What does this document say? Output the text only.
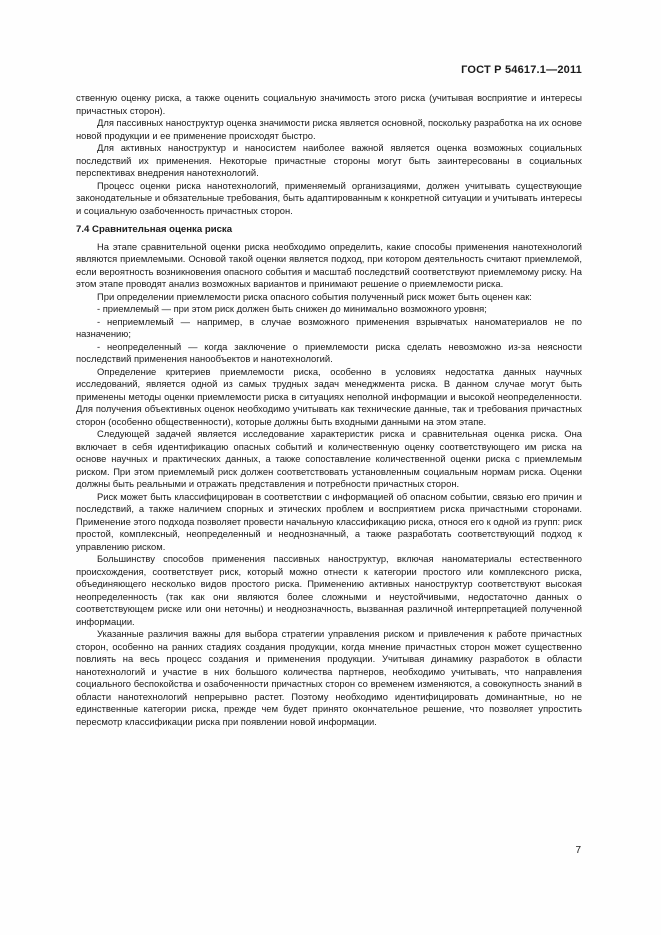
ГОСТ Р 54617.1—2011

ственную оценку риска, а также оценить социальную значимость этого риска (учитывая восприятие и интересы причастных сторон).

Для пассивных наноструктур оценка значимости риска является основной, поскольку разработка на их основе новой продукции и ее применение происходят быстро.

Для активных наноструктур и наносистем наиболее важной является оценка возможных социальных последствий их применения. Некоторые причастные стороны могут быть заинтересованы в социальных перспективах внедрения нанотехнологий.

Процесс оценки риска нанотехнологий, применяемый организациями, должен учитывать существующие законодательные и обязательные требования, быть адаптированным к конкретной ситуации и учитывать интересы и социальную озабоченность причастных сторон.

7.4 Сравнительная оценка риска

На этапе сравнительной оценки риска необходимо определить, какие способы применения нанотехнологий являются приемлемыми. Основой такой оценки является подход, при котором деятельность считают приемлемой, если вероятность возникновения опасного события и масштаб последствий соответствуют приемлемому риску. На этом этапе проводят анализ возможных вариантов и принимают решение о приемлемости риска.

При определении приемлемости риска опасного события полученный риск может быть оценен как:

- приемлемый — при этом риск должен быть снижен до минимально возможного уровня;

- неприемлемый — например, в случае возможного применения взрывчатых наноматериалов не по назначению;

- неопределенный — когда заключение о приемлемости риска сделать невозможно из-за неясности последствий применения нанообъектов и нанотехнологий.

Определение критериев приемлемости риска, особенно в условиях недостатка данных научных исследований, является одной из самых трудных задач менеджмента риска. В данном случае могут быть применены методы оценки приемлемости риска в ситуациях неполной информации и высокой неопределенности. Для получения объективных оценок необходимо учитывать как технические данные, так и требования причастных сторон (особенно общественности), которые должны быть входными данными на этом этапе.

Следующей задачей является исследование характеристик риска и сравнительная оценка риска. Она включает в себя идентификацию опасных событий и количественную оценку соответствующего им риска на основе научных и практических данных, а также сопоставление количественной оценки риска с приемлемым риском. При этом приемлемый риск должен соответствовать установленным социальным нормам риска. Оценки должны быть реальными и отражать представления и потребности причастных сторон.

Риск может быть классифицирован в соответствии с информацией об опасном событии, связью его причин и последствий, а также наличием спорных и этических проблем и восприятием риска причастными сторонами. Применение этого подхода позволяет провести начальную классификацию риска, относя его к одной из групп: риск простой, комплексный, неопределенный и неоднозначный, а также разработать соответствующий подход к управлению риском.

Большинству способов применения пассивных наноструктур, включая наноматериалы естественного происхождения, соответствует риск, который можно отнести к категории простого или комплексного риска, объединяющего несколько видов простого риска. Применению активных наноструктур соответствуют высокая неопределенность (так как они являются более сложными и неустойчивыми, недостаточно данных о соответствующем риске или они неточны) и неоднозначность, вызванная различной интерпретацией полученной информации.

Указанные различия важны для выбора стратегии управления риском и привлечения к работе причастных сторон, особенно на ранних стадиях создания продукции, когда мнение причастных сторон может существенно повлиять на весь процесс создания и применения продукции. Учитывая динамику разработок в области нанотехнологий и участие в них большого количества партнеров, необходимо учитывать, что направления социального беспокойства и озабоченности причастных сторон со временем изменяются, а совокупность знаний в области нанотехнологий непрерывно растет. Поэтому необходимо идентифицировать доминантные, но не единственные категории риска, прежде чем будет принято окончательное решение, что позволяет упростить пересмотр классификации риска при появлении новой информации.

7
